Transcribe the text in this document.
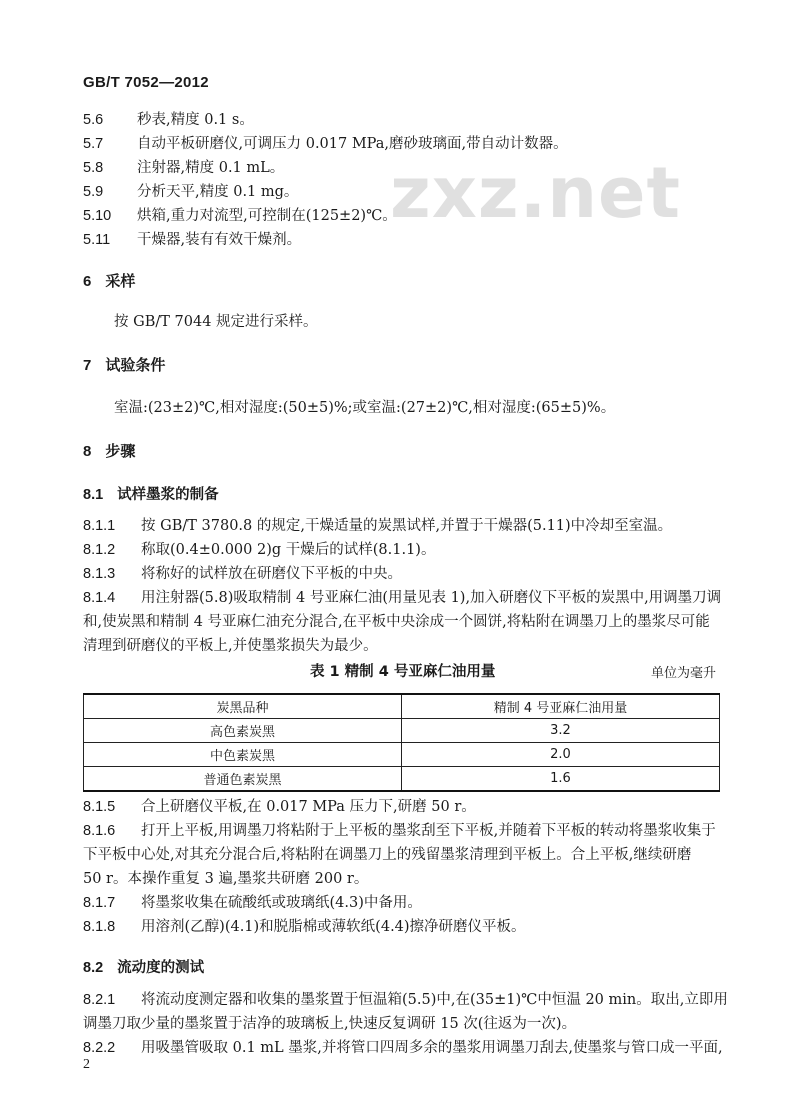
GB/T 7052—2012
zxz.net
5.6 秒表,精度 0.1 s。
5.7 自动平板研磨仪,可调压力 0.017 MPa,磨砂玻璃面,带自动计数器。
5.8 注射器,精度 0.1 mL。
5.9 分析天平,精度 0.1 mg。
5.10 烘箱,重力对流型,可控制在(125±2)℃。
5.11 干燥器,装有有效干燥剂。
6 采样
按 GB/T 7044 规定进行采样。
7 试验条件
室温:(23±2)℃,相对湿度:(50±5)%;或室温:(27±2)℃,相对湿度:(65±5)%。
8 步骤
8.1 试样墨浆的制备
8.1.1 按 GB/T 3780.8 的规定,干燥适量的炭黑试样,并置于干燥器(5.11)中冷却至室温。
8.1.2 称取(0.4±0.000 2)g 干燥后的试样(8.1.1)。
8.1.3 将称好的试样放在研磨仪下平板的中央。
8.1.4 用注射器(5.8)吸取精制 4 号亚麻仁油(用量见表 1),加入研磨仪下平板的炭黑中,用调墨刀调
和,使炭黑和精制 4 号亚麻仁油充分混合,在平板中央涂成一个圆饼,将粘附在调墨刀上的墨浆尽可能
清理到研磨仪的平板上,并使墨浆损失为最少。
表 1 精制 4 号亚麻仁油用量	单位为毫升
炭黑品种	精制 4 号亚麻仁油用量
高色素炭黑	3.2
中色素炭黑	2.0
普通色素炭黑	1.6
8.1.5 合上研磨仪平板,在 0.017 MPa 压力下,研磨 50 r。
8.1.6 打开上平板,用调墨刀将粘附于上平板的墨浆刮至下平板,并随着下平板的转动将墨浆收集于
下平板中心处,对其充分混合后,将粘附在调墨刀上的残留墨浆清理到平板上。合上平板,继续研磨
50 r。本操作重复 3 遍,墨浆共研磨 200 r。
8.1.7 将墨浆收集在硫酸纸或玻璃纸(4.3)中备用。
8.1.8 用溶剂(乙醇)(4.1)和脱脂棉或薄软纸(4.4)擦净研磨仪平板。
8.2 流动度的测试
8.2.1 将流动度测定器和收集的墨浆置于恒温箱(5.5)中,在(35±1)℃中恒温 20 min。取出,立即用
调墨刀取少量的墨浆置于洁净的玻璃板上,快速反复调研 15 次(往返为一次)。
8.2.2 用吸墨管吸取 0.1 mL 墨浆,并将管口四周多余的墨浆用调墨刀刮去,使墨浆与管口成一平面,
2
